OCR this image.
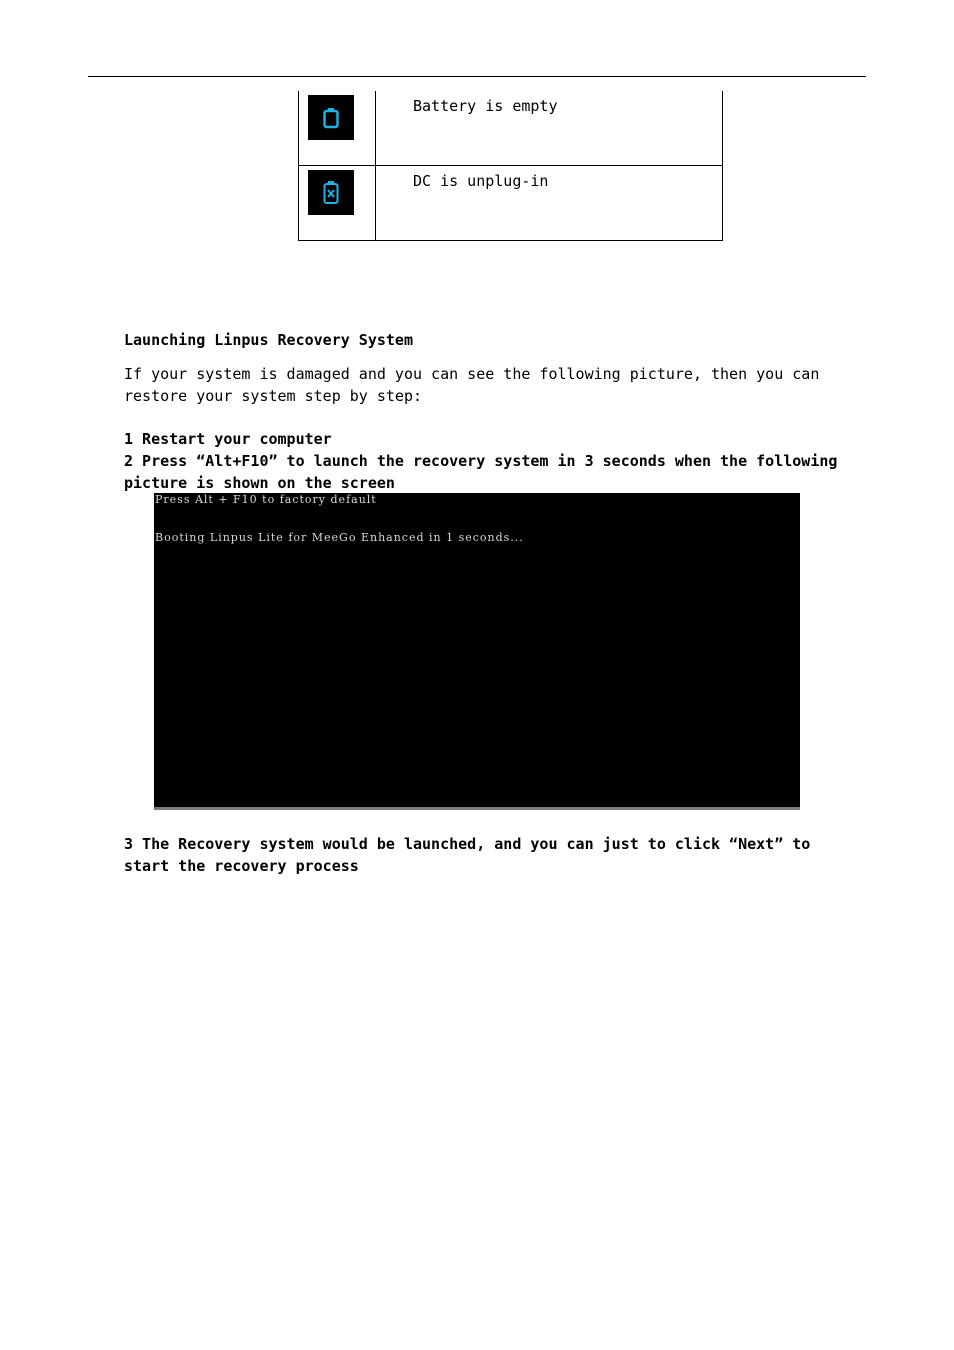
	Battery is empty

	DC is unplug-in
Launching Linpus Recovery System

If your system is damaged and you can see the following picture, then you can restore your system step by step:

1 Restart your computer

2 Press “Alt+F10” to launch the recovery system in 3 seconds when the following picture is shown on the screen

Press Alt + F10 to factory default

Booting Linpus Lite for MeeGo Enhanced in 1 seconds...

3 The Recovery system would be launched, and you can just to click “Next” to start the recovery process
